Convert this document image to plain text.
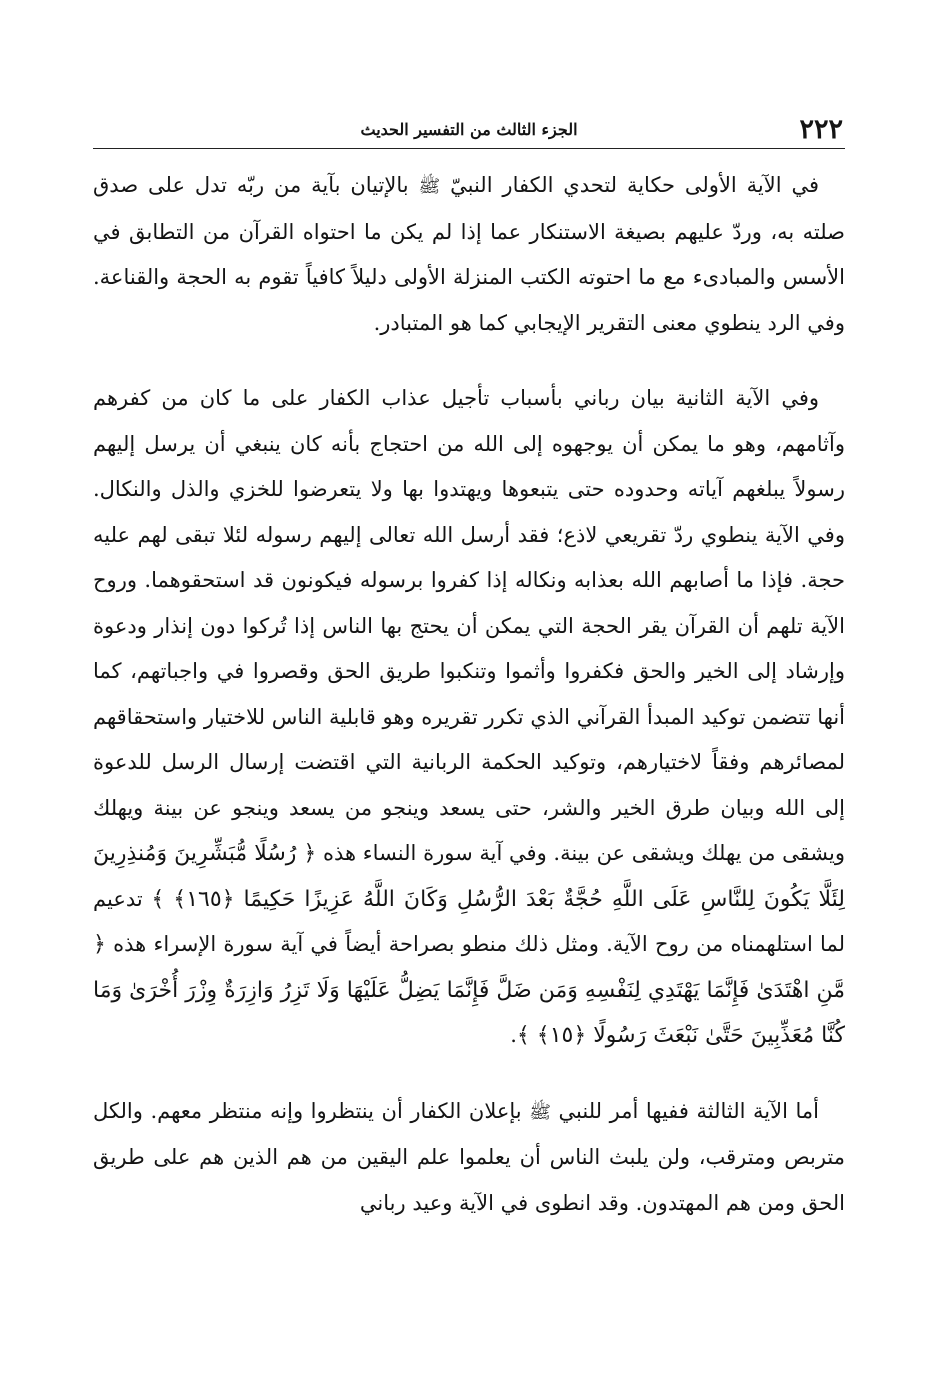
٢٢٢
الجزء الثالث من التفسير الحديث

في الآية الأولى حكاية لتحدي الكفار النبيّ ﷺ بالإتيان بآية من ربّه تدل على صدق صلته به، وردّ عليهم بصيغة الاستنكار عما إذا لم يكن ما احتواه القرآن من التطابق في الأسس والمبادىء مع ما احتوته الكتب المنزلة الأولى دليلاً كافياً تقوم به الحجة والقناعة. وفي الرد ينطوي معنى التقرير الإيجابي كما هو المتبادر.

وفي الآية الثانية بيان رباني بأسباب تأجيل عذاب الكفار على ما كان من كفرهم وآثامهم، وهو ما يمكن أن يوجهوه إلى الله من احتجاج بأنه كان ينبغي أن يرسل إليهم رسولاً يبلغهم آياته وحدوده حتى يتبعوها ويهتدوا بها ولا يتعرضوا للخزي والذل والنكال. وفي الآية ينطوي ردّ تقريعي لاذع؛ فقد أرسل الله تعالى إليهم رسوله لئلا تبقى لهم عليه حجة. فإذا ما أصابهم الله بعذابه ونكاله إذا كفروا برسوله فيكونون قد استحقوهما. وروح الآية تلهم أن القرآن يقر الحجة التي يمكن أن يحتج بها الناس إذا تُركوا دون إنذار ودعوة وإرشاد إلى الخير والحق فكفروا وأثموا وتنكبوا طريق الحق وقصروا في واجباتهم، كما أنها تتضمن توكيد المبدأ القرآني الذي تكرر تقريره وهو قابلية الناس للاختيار واستحقاقهم لمصائرهم وفقاً لاختيارهم، وتوكيد الحكمة الربانية التي اقتضت إرسال الرسل للدعوة إلى الله وبيان طرق الخير والشر، حتى يسعد وينجو من يسعد وينجو عن بينة ويهلك ويشقى من يهلك ويشقى عن بينة. وفي آية سورة النساء هذه ﴿ رُسُلًا مُّبَشِّرِينَ وَمُنذِرِينَ لِئَلَّا يَكُونَ لِلنَّاسِ عَلَى اللَّهِ حُجَّةٌ بَعْدَ الرُّسُلِ وَكَانَ اللَّهُ عَزِيزًا حَكِيمًا ﴿١٦٥﴾ ﴾ تدعيم لما استلهمناه من روح الآية. ومثل ذلك منطو بصراحة أيضاً في آية سورة الإسراء هذه ﴿ مَّنِ اهْتَدَىٰ فَإِنَّمَا يَهْتَدِي لِنَفْسِهِ وَمَن ضَلَّ فَإِنَّمَا يَضِلُّ عَلَيْهَا وَلَا تَزِرُ وَازِرَةٌ وِزْرَ أُخْرَىٰ وَمَا كُنَّا مُعَذِّبِينَ حَتَّىٰ نَبْعَثَ رَسُولًا ﴿١٥﴾ ﴾.

أما الآية الثالثة ففيها أمر للنبي ﷺ بإعلان الكفار أن ينتظروا وإنه منتظر معهم. والكل متربص ومترقب، ولن يلبث الناس أن يعلموا علم اليقين من هم الذين هم على طريق الحق ومن هم المهتدون. وقد انطوى في الآية وعيد رباني
